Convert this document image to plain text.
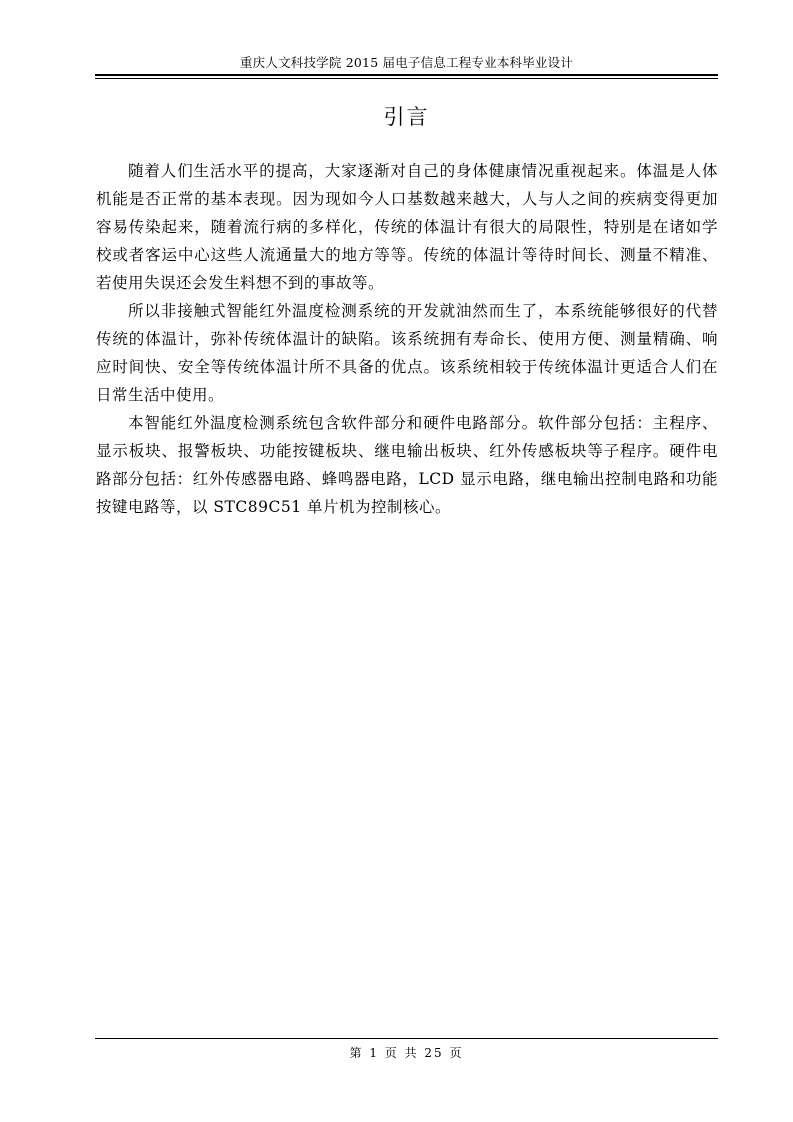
重庆人文科技学院 2015 届电子信息工程专业本科毕业设计
引言

随着人们生活水平的提高，大家逐渐对自己的身体健康情况重视起来。体温是人体机能是否正常的基本表现。因为现如今人口基数越来越大，人与人之间的疾病变得更加容易传染起来，随着流行病的多样化，传统的体温计有很大的局限性，特别是在诸如学校或者客运中心这些人流通量大的地方等等。传统的体温计等待时间长、测量不精准、若使用失误还会发生料想不到的事故等。

所以非接触式智能红外温度检测系统的开发就油然而生了，本系统能够很好的代替传统的体温计，弥补传统体温计的缺陷。该系统拥有寿命长、使用方便、测量精确、响应时间快、安全等传统体温计所不具备的优点。该系统相较于传统体温计更适合人们在日常生活中使用。

本智能红外温度检测系统包含软件部分和硬件电路部分。软件部分包括：主程序、显示板块、报警板块、功能按键板块、继电输出板块、红外传感板块等子程序。硬件电路部分包括：红外传感器电路、蜂鸣器电路，LCD 显示电路，继电输出控制电路和功能按键电路等，以 STC89C51 单片机为控制核心。

第 1 页 共 25 页
